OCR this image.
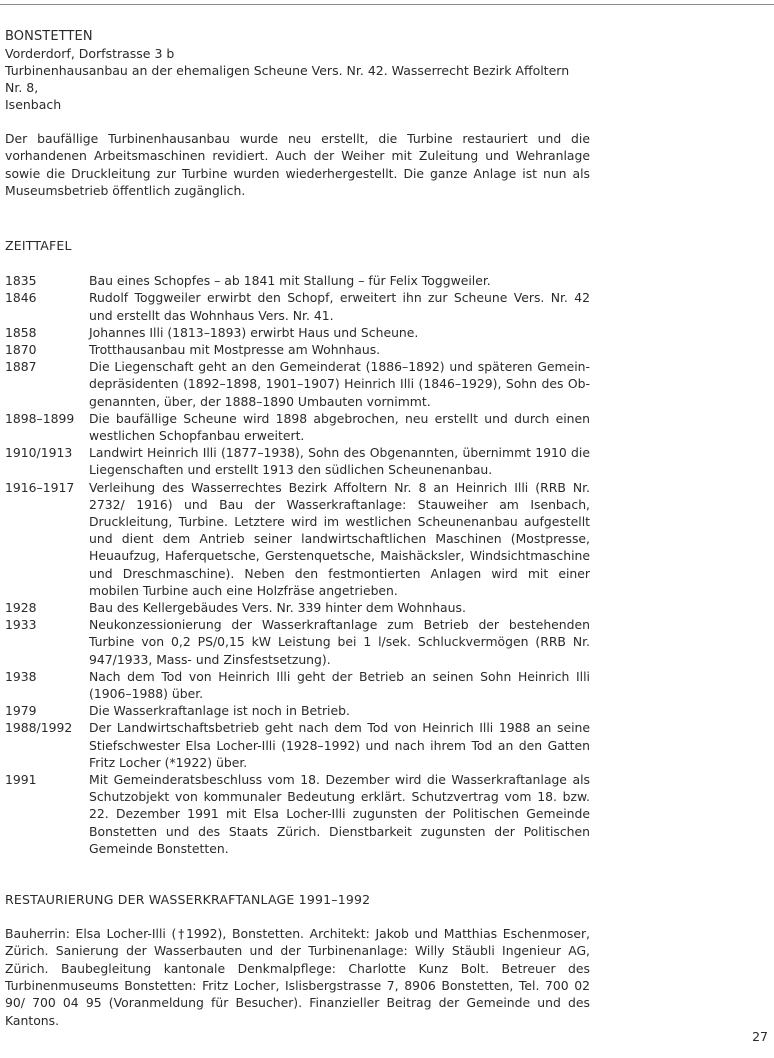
BONSTETTEN
Vorderdorf, Dorfstrasse 3 b
Turbinenhausanbau an der ehemaligen Scheune Vers. Nr. 42. Wasserrecht Bezirk Affoltern Nr. 8,
Isenbach
Der baufällige Turbinenhausanbau wurde neu erstellt, die Turbine restauriert und die vorhandenen Arbeitsmaschinen revidiert. Auch der Weiher mit Zuleitung und Wehranlage sowie die Druckleitung zur Turbine wurden wiederhergestellt. Die ganze Anlage ist nun als Museumsbetrieb öffentlich zugänglich.
ZEITTAFEL
1835	Bau eines Schopfes – ab 1841 mit Stallung – für Felix Toggweiler.
1846	Rudolf Toggweiler erwirbt den Schopf, erweitert ihn zur Scheune Vers. Nr. 42 und erstellt das Wohnhaus Vers. Nr. 41.
1858	Johannes Illi (1813–1893) erwirbt Haus und Scheune.
1870	Trotthausanbau mit Mostpresse am Wohnhaus.
1887	Die Liegenschaft geht an den Gemeinderat (1886–1892) und späteren Gemeindepräsidenten (1892–1898, 1901–1907) Heinrich Illi (1846–1929), Sohn des Obgenannten, über, der 1888–1890 Umbauten vornimmt.
1898–1899	Die baufällige Scheune wird 1898 abgebrochen, neu erstellt und durch einen westlichen Schopfanbau erweitert.
1910/1913	Landwirt Heinrich Illi (1877–1938), Sohn des Obgenannten, übernimmt 1910 die Liegenschaften und erstellt 1913 den südlichen Scheunenanbau.
1916–1917	Verleihung des Wasserrechtes Bezirk Affoltern Nr. 8 an Heinrich Illi (RRB Nr. 2732/ 1916) und Bau der Wasserkraftanlage: Stauweiher am Isenbach, Druckleitung, Turbine. Letztere wird im westlichen Scheunenanbau aufgestellt und dient dem Antrieb seiner landwirtschaftlichen Maschinen (Mostpresse, Heuaufzug, Haferquetsche, Gerstenquetsche, Maishäcksler, Windsichtmaschine und Dreschmaschine). Neben den festmontierten Anlagen wird mit einer mobilen Turbine auch eine Holzfräse angetrieben.
1928	Bau des Kellergebäudes Vers. Nr. 339 hinter dem Wohnhaus.
1933	Neukonzessionierung der Wasserkraftanlage zum Betrieb der bestehenden Turbine von 0,2 PS/0,15 kW Leistung bei 1 l/sek. Schluckvermögen (RRB Nr. 947/1933, Mass- und Zinsfestsetzung).
1938	Nach dem Tod von Heinrich Illi geht der Betrieb an seinen Sohn Heinrich Illi (1906–1988) über.
1979	Die Wasserkraftanlage ist noch in Betrieb.
1988/1992	Der Landwirtschaftsbetrieb geht nach dem Tod von Heinrich Illi 1988 an seine Stiefschwester Elsa Locher-Illi (1928–1992) und nach ihrem Tod an den Gatten Fritz Locher (*1922) über.
1991	Mit Gemeinderatsbeschluss vom 18. Dezember wird die Wasserkraftanlage als Schutzobjekt von kommunaler Bedeutung erklärt. Schutzvertrag vom 18. bzw. 22. Dezember 1991 mit Elsa Locher-Illi zugunsten der Politischen Gemeinde Bonstetten und des Staats Zürich. Dienstbarkeit zugunsten der Politischen Gemeinde Bonstetten.
RESTAURIERUNG DER WASSERKRAFTANLAGE 1991–1992
Bauherrin: Elsa Locher-Illi (†1992), Bonstetten. Architekt: Jakob und Matthias Eschenmoser, Zürich. Sanierung der Wasserbauten und der Turbinenanlage: Willy Stäubli Ingenieur AG, Zürich. Baubegleitung kantonale Denkmalpflege: Charlotte Kunz Bolt. Betreuer des Turbinenmuseums Bonstetten: Fritz Locher, Islisbergstrasse 7, 8906 Bonstetten, Tel. 700 02 90/ 700 04 95 (Voranmeldung für Besucher). Finanzieller Beitrag der Gemeinde und des Kantons.
27
